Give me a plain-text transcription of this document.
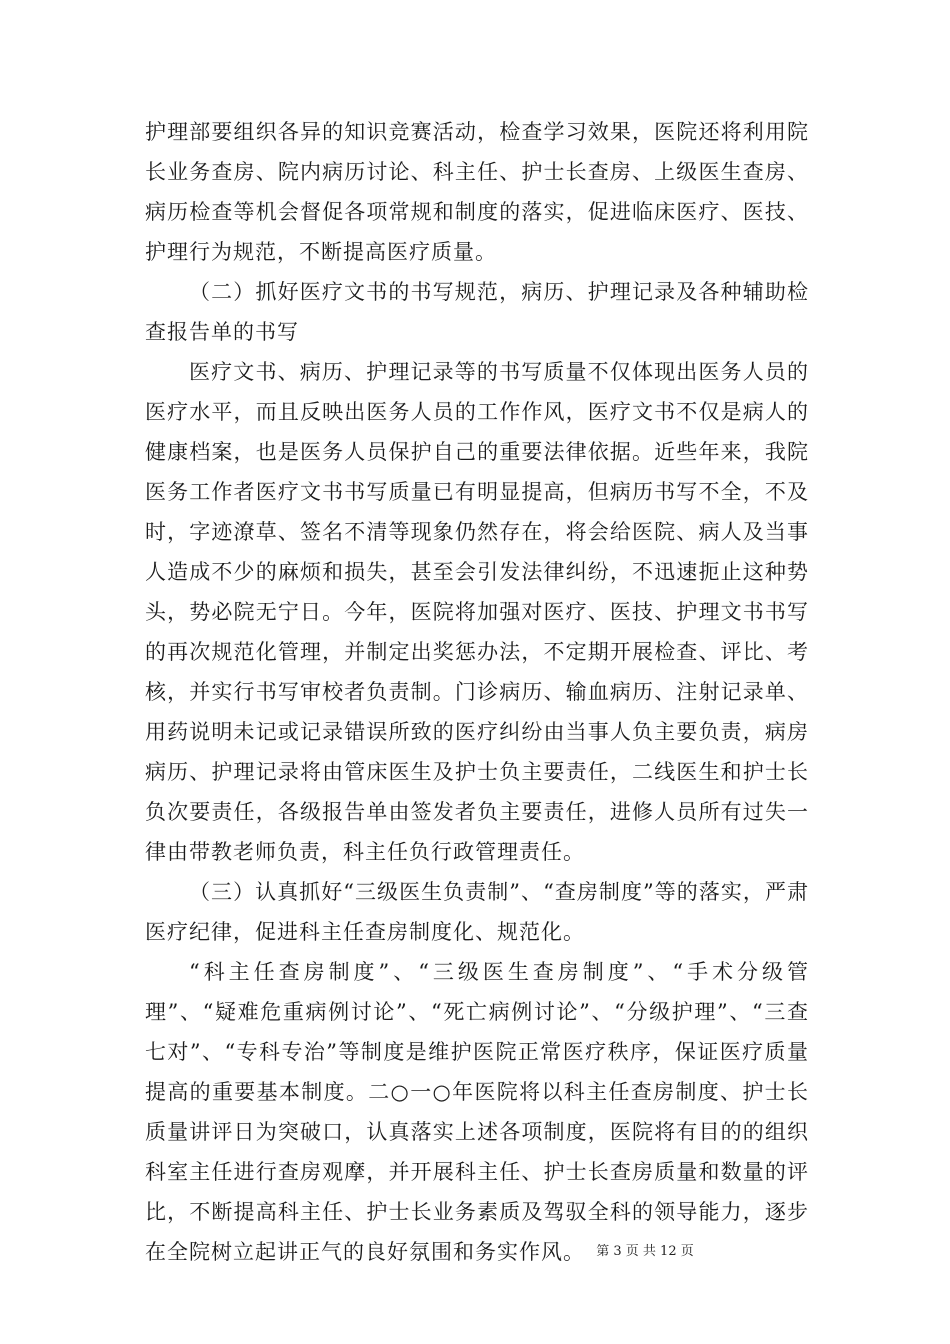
护理部要组织各异的知识竞赛活动，检查学习效果，医院还将利用院长业务查房、院内病历讨论、科主任、护士长查房、上级医生查房、病历检查等机会督促各项常规和制度的落实，促进临床医疗、医技、护理行为规范，不断提高医疗质量。

（二）抓好医疗文书的书写规范，病历、护理记录及各种辅助检查报告单的书写

医疗文书、病历、护理记录等的书写质量不仅体现出医务人员的医疗水平，而且反映出医务人员的工作作风，医疗文书不仅是病人的健康档案，也是医务人员保护自己的重要法律依据。近些年来，我院医务工作者医疗文书书写质量已有明显提高，但病历书写不全，不及时，字迹潦草、签名不清等现象仍然存在，将会给医院、病人及当事人造成不少的麻烦和损失，甚至会引发法律纠纷，不迅速扼止这种势头，势必院无宁日。今年，医院将加强对医疗、医技、护理文书书写的再次规范化管理，并制定出奖惩办法，不定期开展检查、评比、考核，并实行书写审校者负责制。门诊病历、输血病历、注射记录单、用药说明未记或记录错误所致的医疗纠纷由当事人负主要负责，病房病历、护理记录将由管床医生及护士负主要责任，二线医生和护士长负次要责任，各级报告单由签发者负主要责任，进修人员所有过失一律由带教老师负责，科主任负行政管理责任。

（三）认真抓好“三级医生负责制”、“查房制度”等的落实，严肃医疗纪律，促进科主任查房制度化、规范化。

“科主任查房制度”、“三级医生查房制度”、“手术分级管理”、“疑难危重病例讨论”、“死亡病例讨论”、“分级护理”、“三查七对”、“专科专治”等制度是维护医院正常医疗秩序，保证医疗质量提高的重要基本制度。二○一○年医院将以科主任查房制度、护士长质量讲评日为突破口，认真落实上述各项制度，医院将有目的的组织科室主任进行查房观摩，并开展科主任、护士长查房质量和数量的评比，不断提高科主任、护士长业务素质及驾驭全科的领导能力，逐步在全院树立起讲正气的良好氛围和务实作风。 第 3 页 共 12 页
